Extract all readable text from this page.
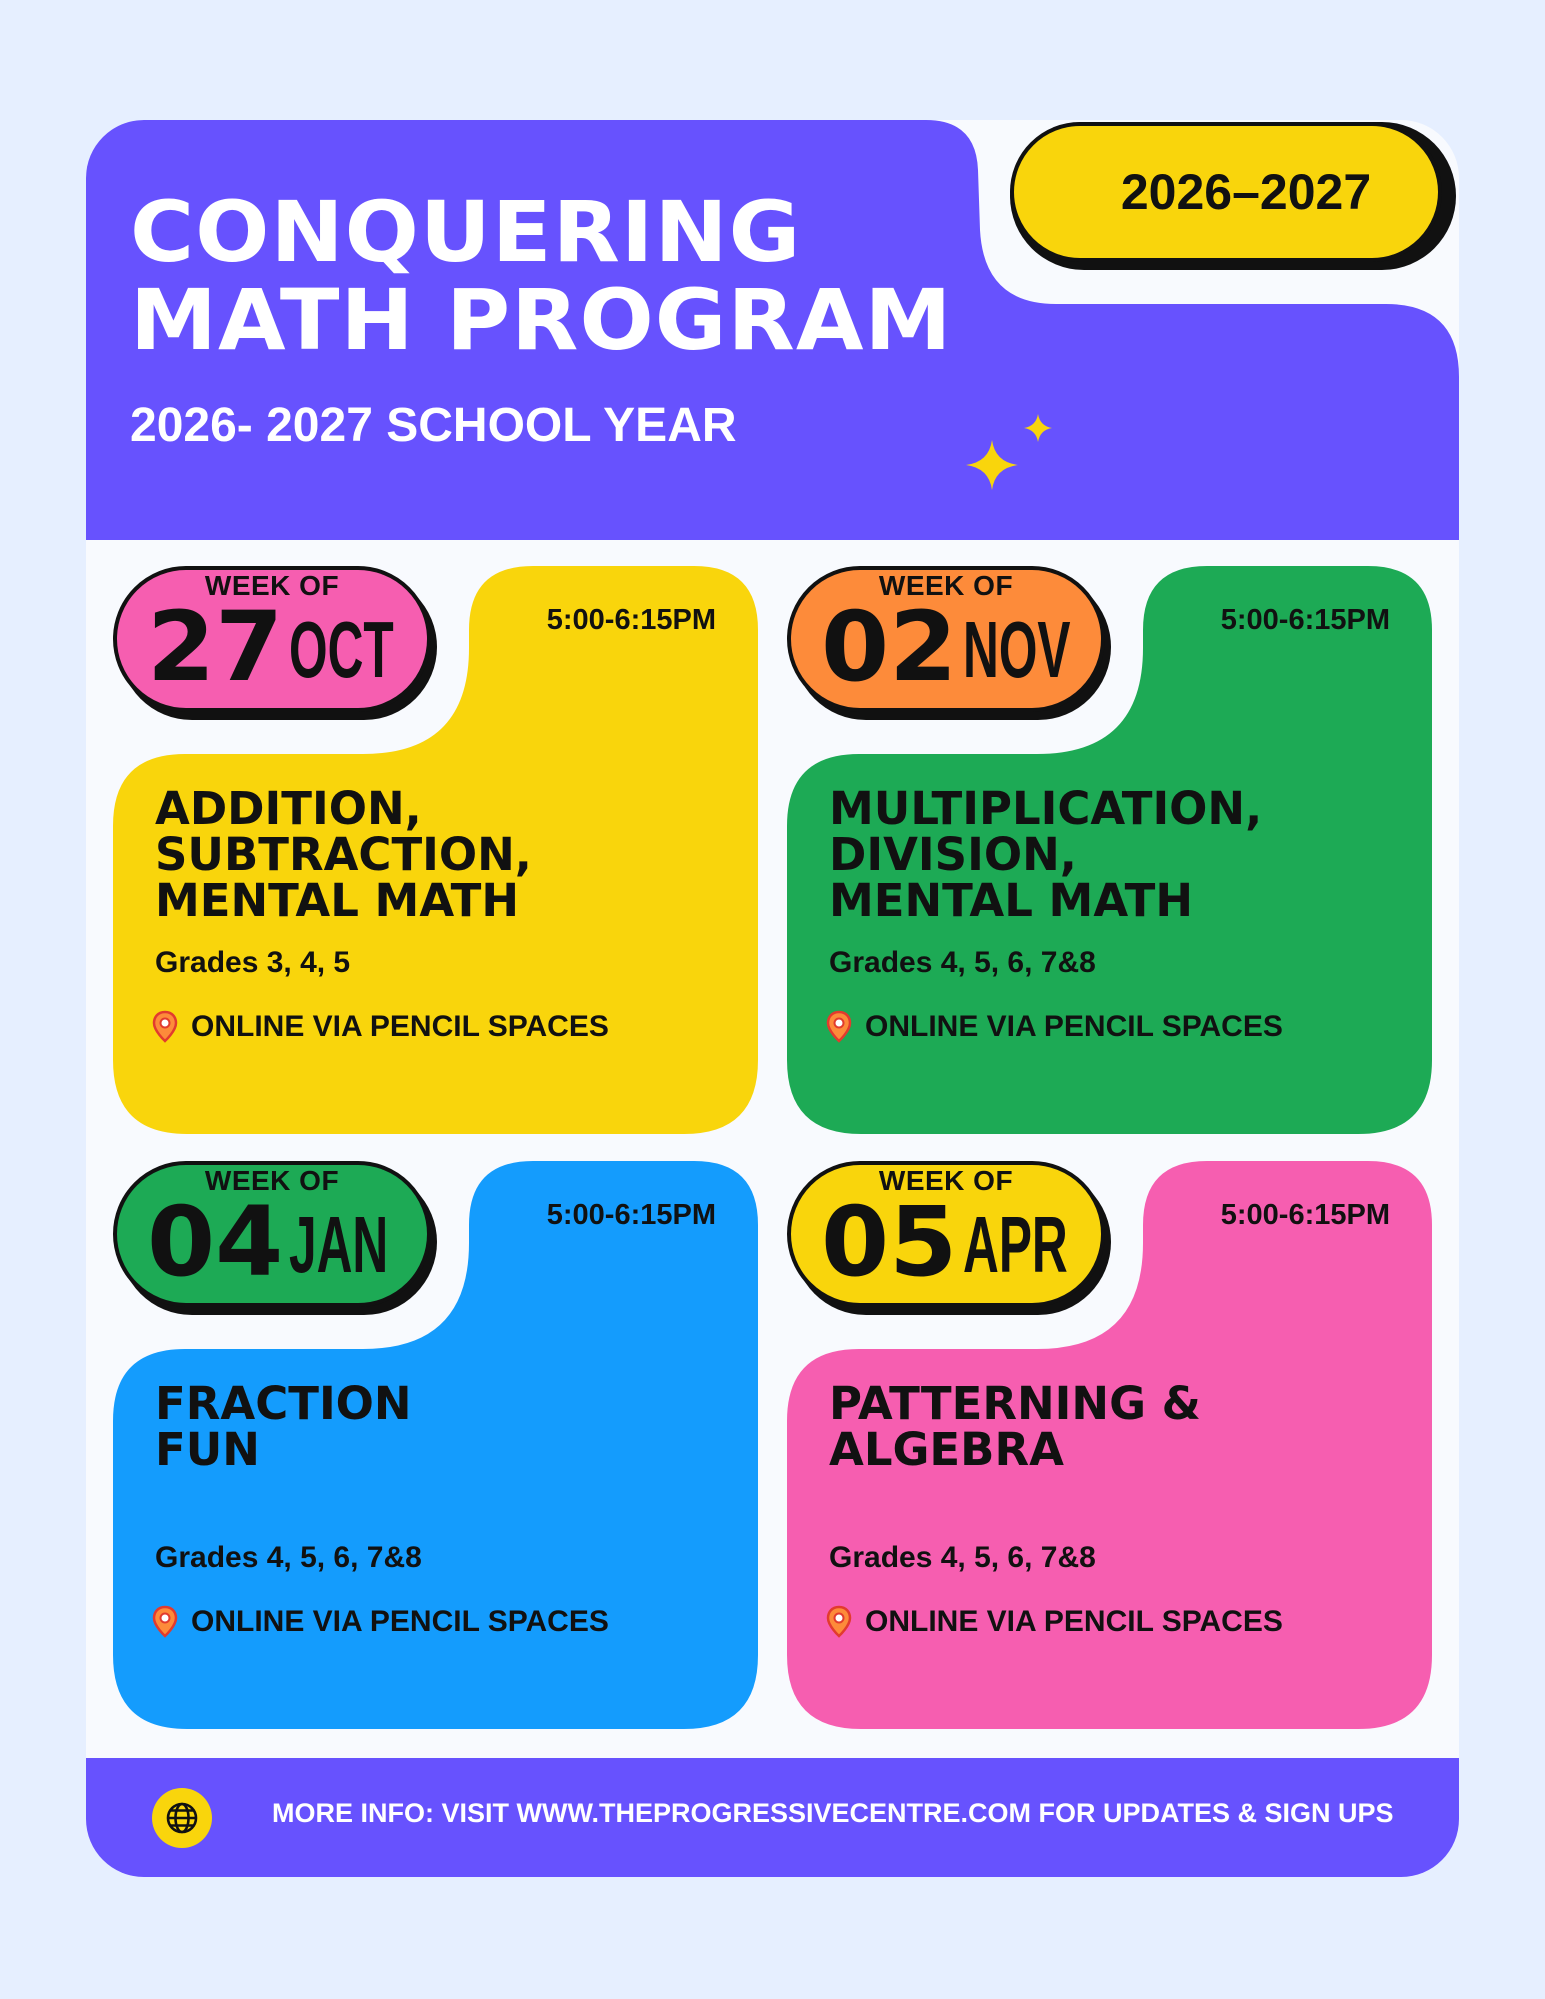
CONQUERING
MATH PROGRAM
2026- 2027 SCHOOL YEAR
2026–2027
WEEK OF
27 OCT	5:00-6:15PM
ADDITION,
SUBTRACTION,
MENTAL MATH
Grades 3, 4, 5
ONLINE VIA PENCIL SPACES
WEEK OF
02 NOV	5:00-6:15PM
MULTIPLICATION,
DIVISION,
MENTAL MATH
Grades 4, 5, 6, 7&8
ONLINE VIA PENCIL SPACES
WEEK OF
04 JAN	5:00-6:15PM
FRACTION
FUN
Grades 4, 5, 6, 7&8
ONLINE VIA PENCIL SPACES
WEEK OF
05 APR	5:00-6:15PM
PATTERNING &
ALGEBRA
Grades 4, 5, 6, 7&8
ONLINE VIA PENCIL SPACES
MORE INFO: VISIT WWW.THEPROGRESSIVECENTRE.COM FOR UPDATES & SIGN UPS
